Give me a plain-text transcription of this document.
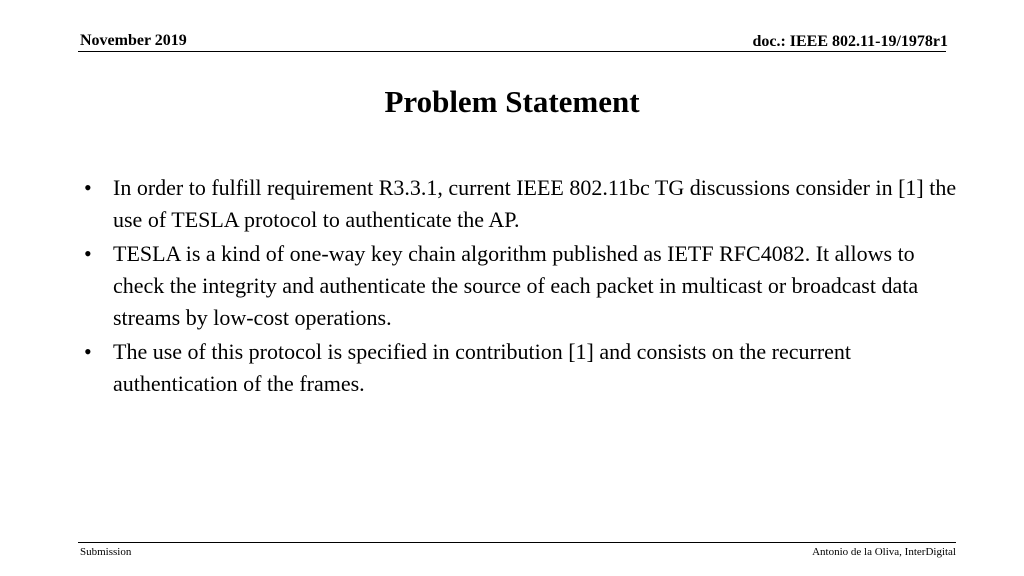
November 2019	doc.: IEEE 802.11-19/1978r1
Problem Statement
• In order to fulfill requirement R3.3.1, current IEEE 802.11bc TG discussions consider in [1] the use of TESLA protocol to authenticate the AP.
• TESLA is a kind of one-way key chain algorithm published as IETF RFC4082. It allows to check the integrity and authenticate the source of each packet in multicast or broadcast data streams by low-cost operations.
• The use of this protocol is specified in contribution [1] and consists on the recurrent authentication of the frames.
Submission	Antonio de la Oliva, InterDigital
